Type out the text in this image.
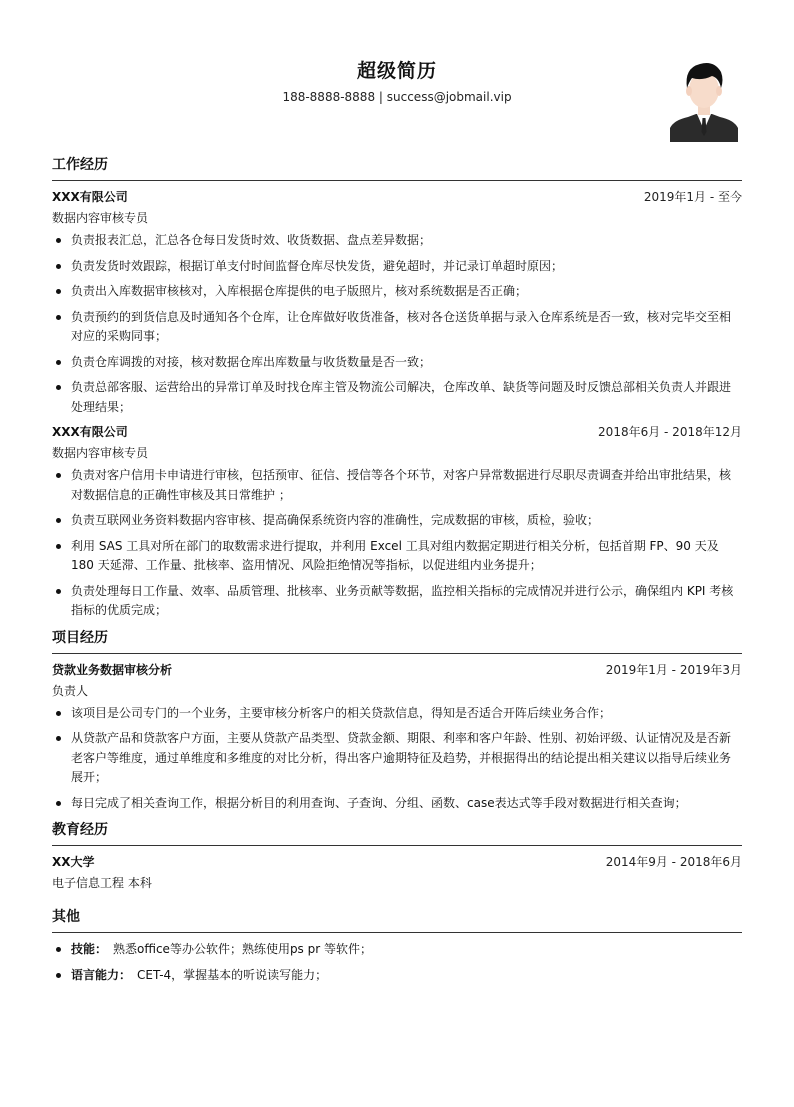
超级简历
188-8888-8888 | success@jobmail.vip
工作经历
XXX有限公司	2019年1月 - 至今
数据内容审核专员
负责报表汇总，汇总各仓每日发货时效、收货数据、盘点差异数据；
负责发货时效跟踪，根据订单支付时间监督仓库尽快发货，避免超时，并记录订单超时原因；
负责出入库数据审核核对，入库根据仓库提供的电子版照片，核对系统数据是否正确；
负责预约的到货信息及时通知各个仓库，让仓库做好收货准备，核对各仓送货单据与录入仓库系统是否一致，核对完毕交至相对应的采购同事；
负责仓库调拨的对接，核对数据仓库出库数量与收货数量是否一致；
负责总部客服、运营给出的异常订单及时找仓库主管及物流公司解决，仓库改单、缺货等问题及时反馈总部相关负责人并跟进处理结果；
XXX有限公司	2018年6月 - 2018年12月
数据内容审核专员
负责对客户信用卡申请进行审核，包括预审、征信、授信等各个环节，对客户异常数据进行尽职尽责调查并给出审批结果，核对数据信息的正确性审核及其日常维护 ；
负责互联网业务资料数据内容审核、提高确保系统资内容的准确性，完成数据的审核，质检，验收；
利用 SAS 工具对所在部门的取数需求进行提取，并利用 Excel 工具对组内数据定期进行相关分析，包括首期 FP、90 天及 180 天延滞、工作量、批核率、盗用情况、风险拒绝情况等指标，以促进组内业务提升；
负责处理每日工作量、效率、品质管理、批核率、业务贡献等数据，监控相关指标的完成情况并进行公示，确保组内 KPI 考核指标的优质完成；
项目经历
贷款业务数据审核分析	2019年1月 - 2019年3月
负责人
该项目是公司专门的一个业务，主要审核分析客户的相关贷款信息，得知是否适合开阵后续业务合作；
从贷款产品和贷款客户方面，主要从贷款产品类型、贷款金额、期限、利率和客户年龄、性别、初始评级、认证情况及是否新老客户等维度，通过单维度和多维度的对比分析，得出客户逾期特征及趋势，并根据得出的结论提出相关建议以指导后续业务展开；
每日完成了相关查询工作，根据分析目的利用查询、子查询、分组、函数、case表达式等手段对数据进行相关查询；
教育经历
XX大学	2014年9月 - 2018年6月
电子信息工程 本科
其他
技能： 熟悉office等办公软件；熟练使用ps pr 等软件；
语言能力： CET-4，掌握基本的听说读写能力；
